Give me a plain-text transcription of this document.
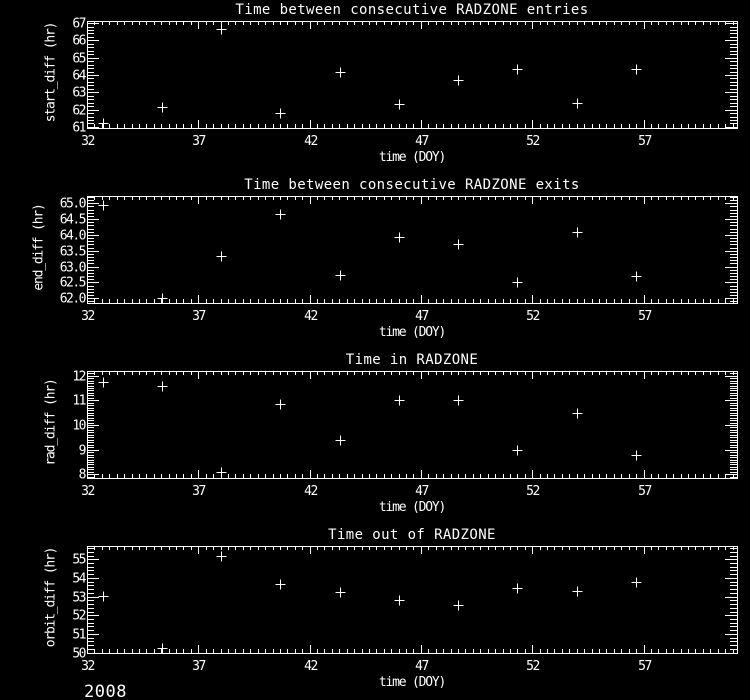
32	37	42	47	52	57
61
62
63
64
65
66
67
32	37	42	47	52	57
62.0
62.5
63.0
63.5
64.0
64.5
65.0
32	37	42	47	52	57
8
9
10
11
12
32	37	42	47	52	57
50
51
52
53
54
55
Time between consecutive RADZONE entries
Time between consecutive RADZONE exits
Time in RADZONE
Time out of RADZONE
start_diff (hr)
end_diff (hr)
rad_diff (hr)
orbit_diff (hr)
time (DOY)
time (DOY)
time (DOY)
time (DOY)
2008
